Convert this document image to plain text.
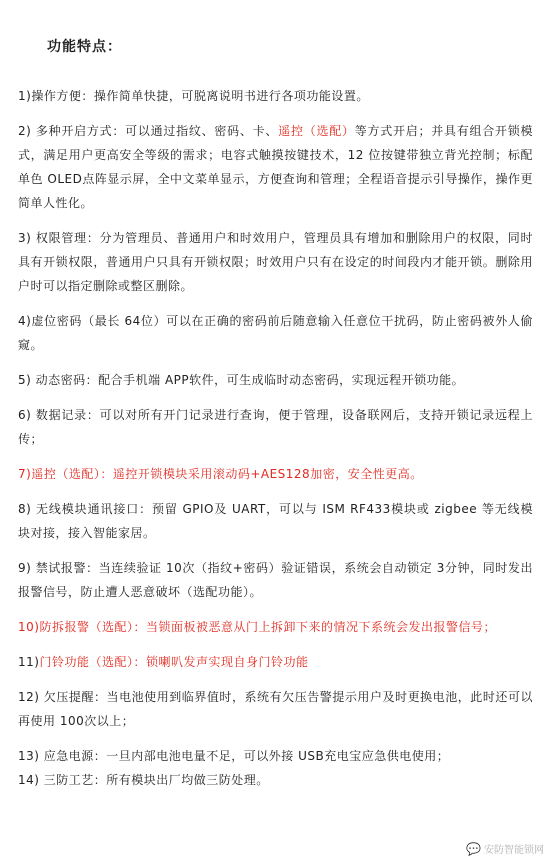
功能特点：
1)操作方便：操作简单快捷，可脱离说明书进行各项功能设置。
2) 多种开启方式：可以通过指纹、密码、卡、遥控（选配）等方式开启；并具有组合开锁模式，满足用户更高安全等级的需求；电容式触摸按键技术，12 位按键带独立背光控制；标配单色 OLED点阵显示屏，全中文菜单显示，方便查询和管理；全程语音提示引导操作，操作更简单人性化。
3) 权限管理：分为管理员、普通用户和时效用户，管理员具有增加和删除用户的权限，同时具有开锁权限，普通用户只具有开锁权限；时效用户只有在设定的时间段内才能开锁。删除用户时可以指定删除或整区删除。
4)虚位密码（最长 64位）可以在正确的密码前后随意输入任意位干扰码，防止密码被外人偷窥。
5) 动态密码：配合手机端 APP软件，可生成临时动态密码，实现远程开锁功能。
6) 数据记录：可以对所有开门记录进行查询，便于管理，设备联网后，支持开锁记录远程上传；
7)遥控（选配）：遥控开锁模块采用滚动码+AES128加密，安全性更高。
8) 无线模块通讯接口：预留 GPIO及 UART，可以与 ISM RF433模块或 zigbee 等无线模块对接，接入智能家居。
9) 禁试报警：当连续验证 10次（指纹+密码）验证错误，系统会自动锁定 3分钟，同时发出报警信号，防止遭人恶意破坏（选配功能）。
10)防拆报警（选配）：当锁面板被恶意从门上拆卸下来的情况下系统会发出报警信号；
11)门铃功能（选配）：锁喇叭发声实现自身门铃功能
12) 欠压提醒：当电池使用到临界值时，系统有欠压告警提示用户及时更换电池，此时还可以再使用 100次以上；
13) 应急电源：一旦内部电池电量不足，可以外接 USB充电宝应急供电使用；
14) 三防工艺：所有模块出厂均做三防处理。
💬 安防智能锁网
